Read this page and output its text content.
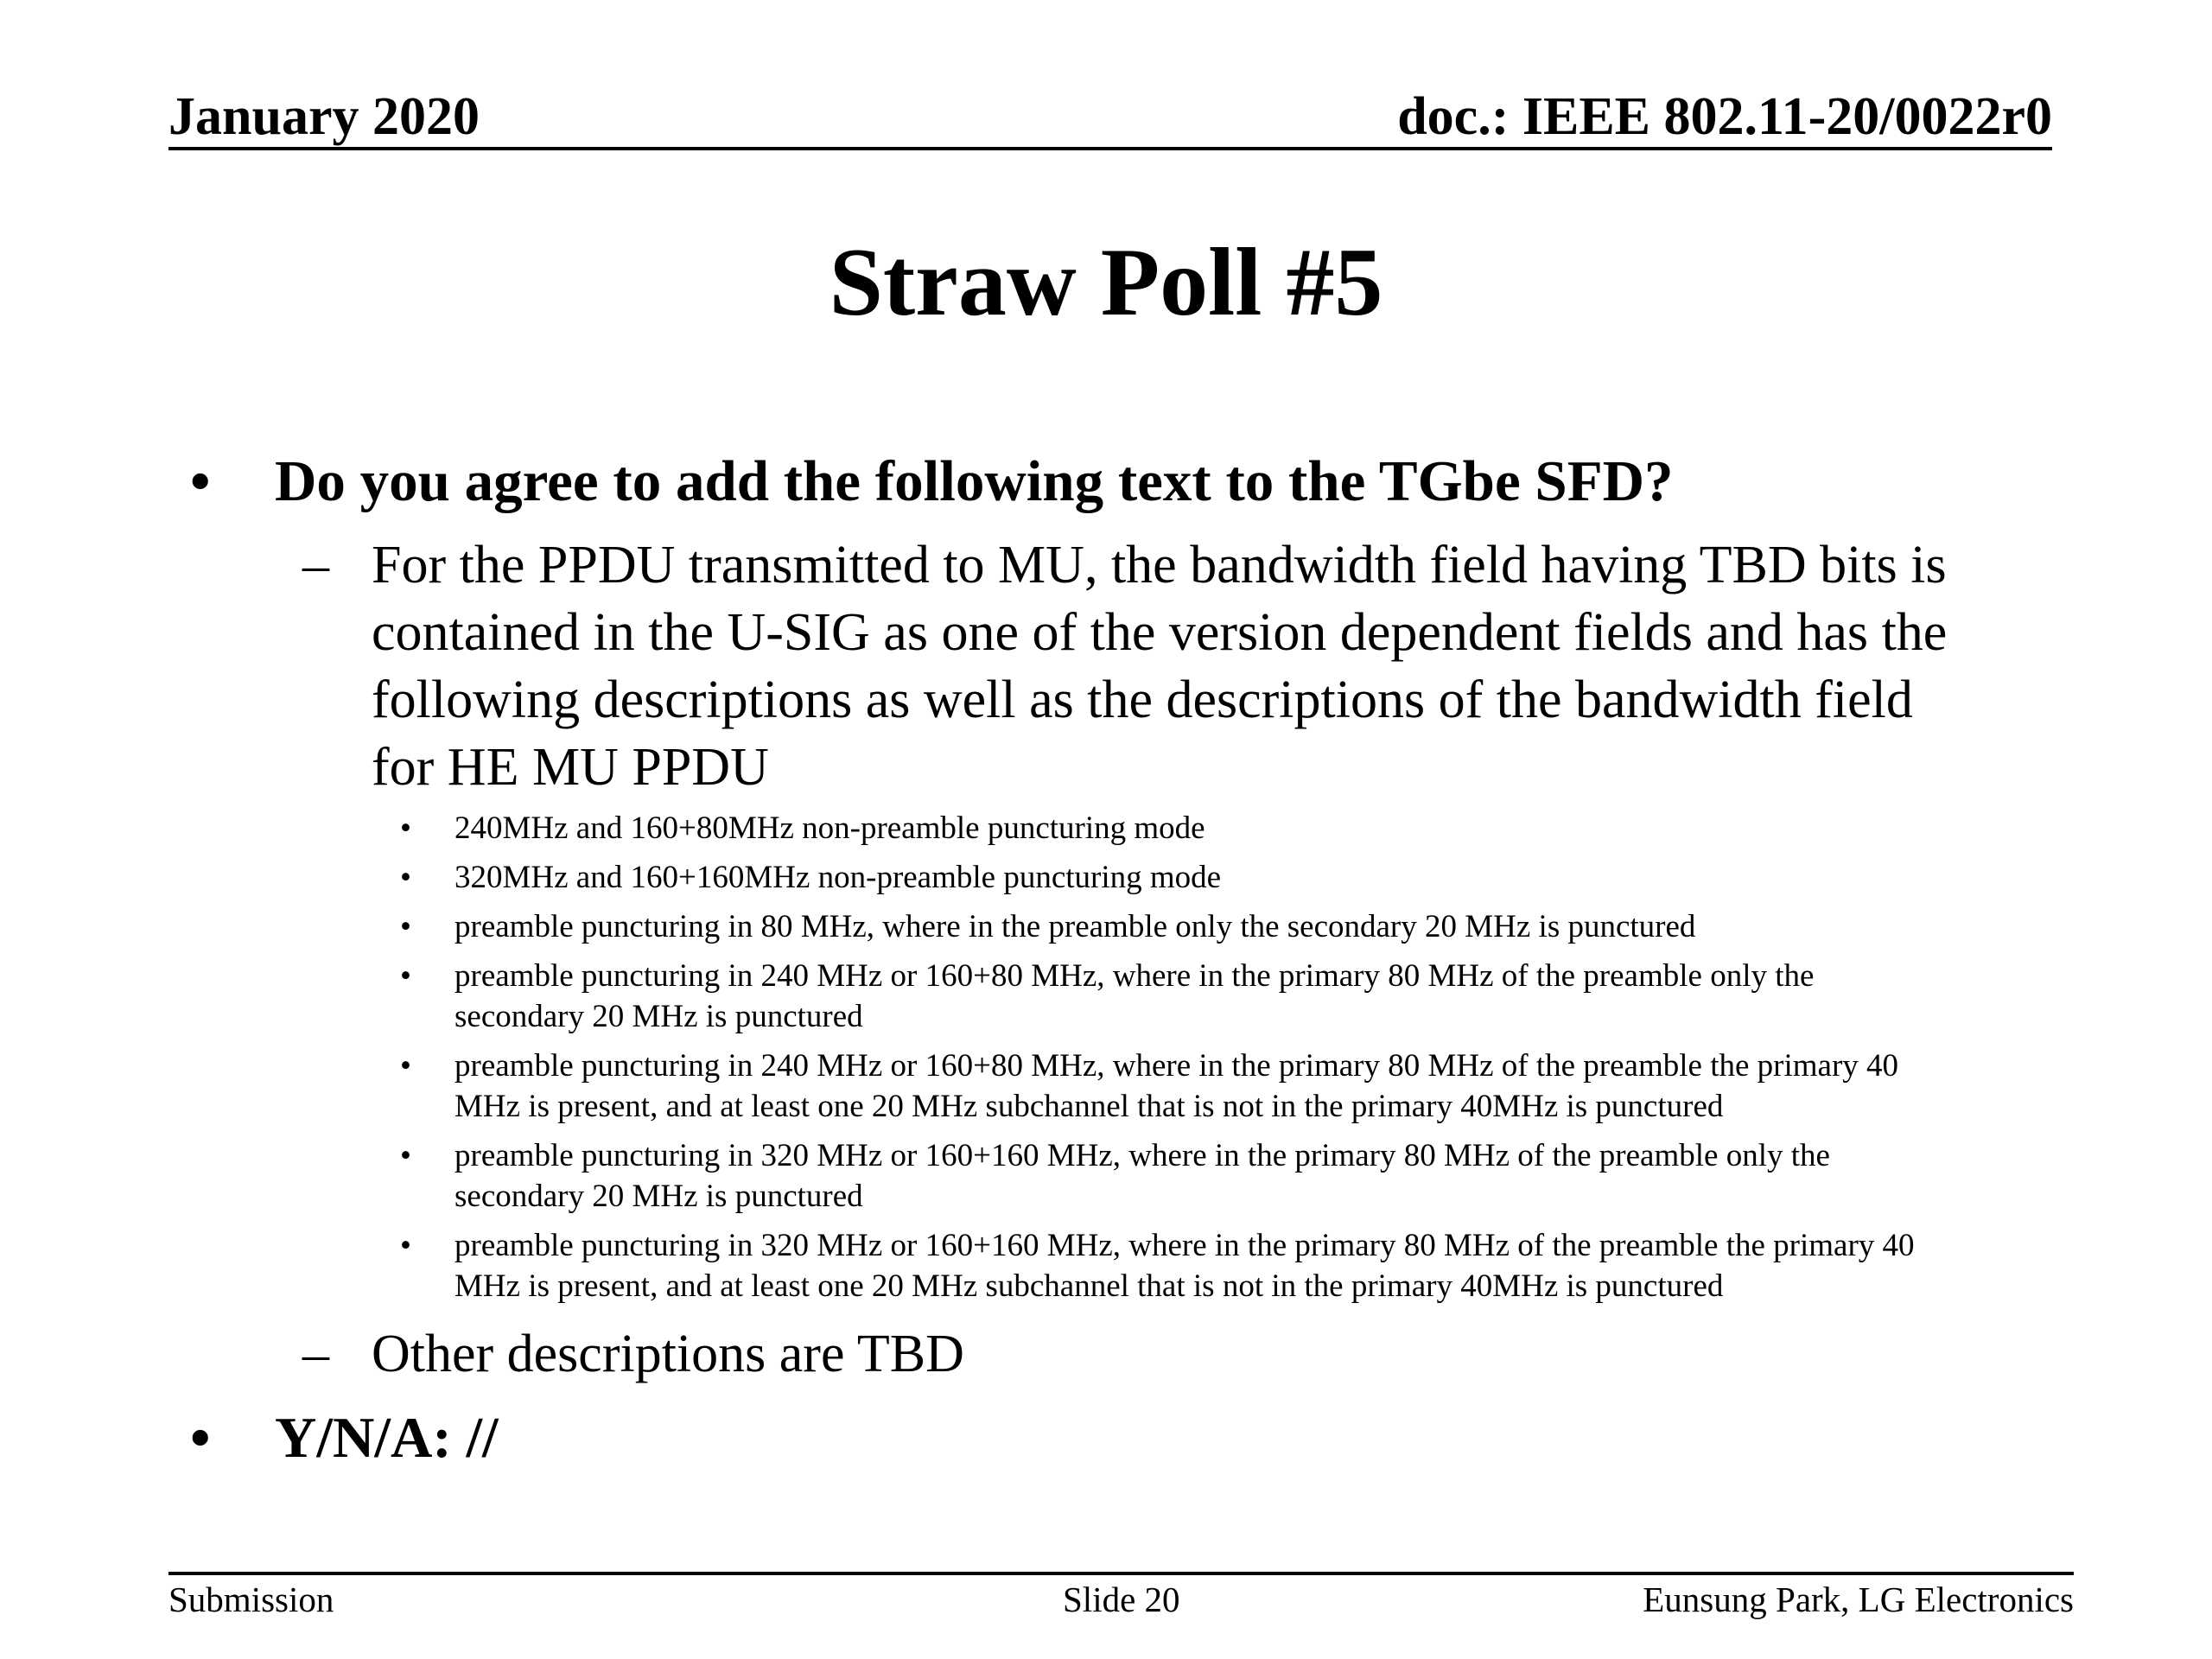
January 2020	doc.: IEEE 802.11-20/0022r0
Straw Poll #5
• Do you agree to add the following text to the TGbe SFD?
– For the PPDU transmitted to MU, the bandwidth field having TBD bits is
contained in the U-SIG as one of the version dependent fields and has the
following descriptions as well as the descriptions of the bandwidth field
for HE MU PPDU
• 240MHz and 160+80MHz non-preamble puncturing mode
• 320MHz and 160+160MHz non-preamble puncturing mode
• preamble puncturing in 80 MHz, where in the preamble only the secondary 20 MHz is punctured
• preamble puncturing in 240 MHz or 160+80 MHz, where in the primary 80 MHz of the preamble only the
secondary 20 MHz is punctured
• preamble puncturing in 240 MHz or 160+80 MHz, where in the primary 80 MHz of the preamble the primary 40
MHz is present, and at least one 20 MHz subchannel that is not in the primary 40MHz is punctured
• preamble puncturing in 320 MHz or 160+160 MHz, where in the primary 80 MHz of the preamble only the
secondary 20 MHz is punctured
• preamble puncturing in 320 MHz or 160+160 MHz, where in the primary 80 MHz of the preamble the primary 40
MHz is present, and at least one 20 MHz subchannel that is not in the primary 40MHz is punctured
– Other descriptions are TBD
• Y/N/A: //
Submission	Slide 20	Eunsung Park, LG Electronics
